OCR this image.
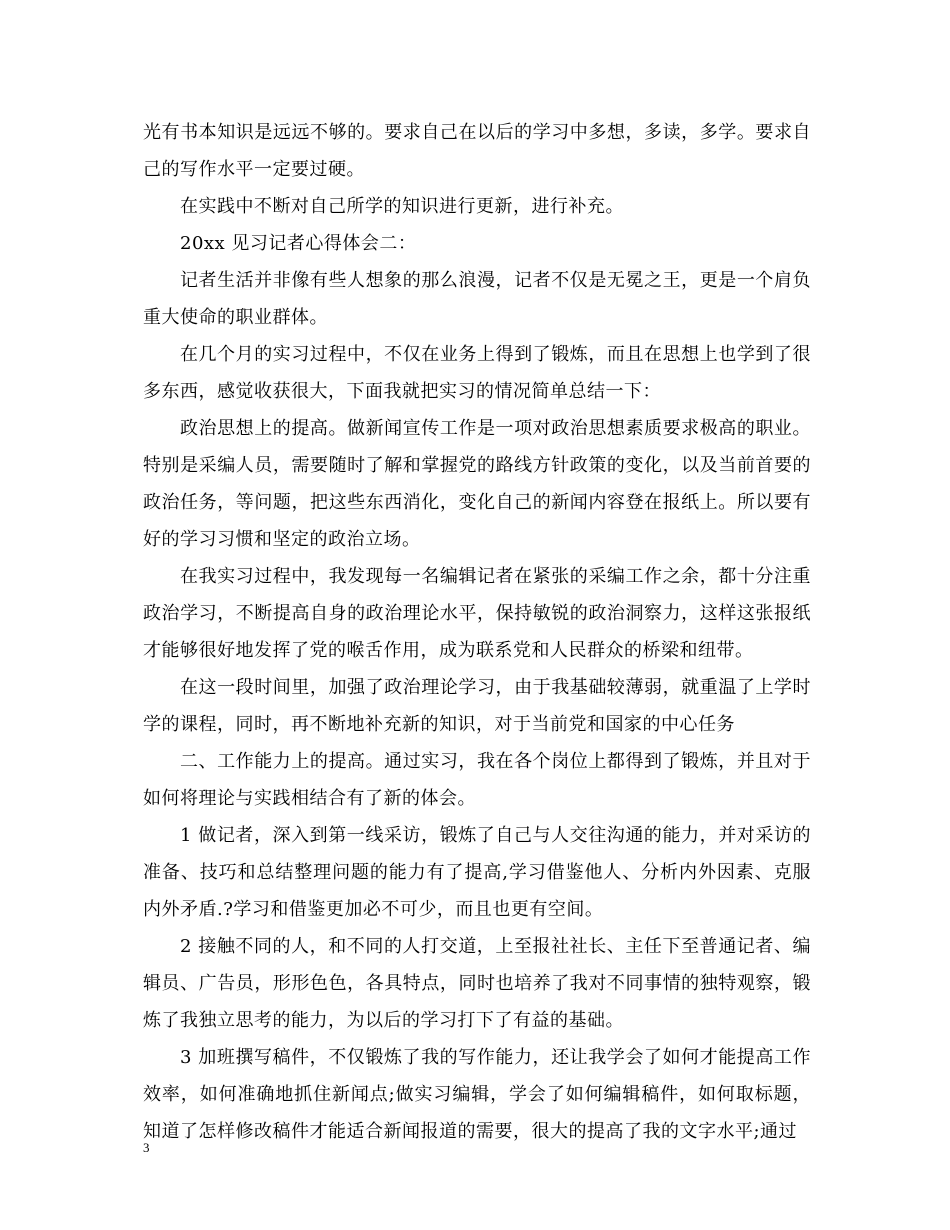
光有书本知识是远远不够的。要求自己在以后的学习中多想，多读，多学。要求自己的写作水平一定要过硬。

在实践中不断对自己所学的知识进行更新，进行补充。

20xx 见习记者心得体会二：

记者生活并非像有些人想象的那么浪漫，记者不仅是无冕之王，更是一个肩负重大使命的职业群体。

在几个月的实习过程中，不仅在业务上得到了锻炼，而且在思想上也学到了很多东西，感觉收获很大，下面我就把实习的情况简单总结一下：

政治思想上的提高。做新闻宣传工作是一项对政治思想素质要求极高的职业。特别是采编人员，需要随时了解和掌握党的路线方针政策的变化，以及当前首要的政治任务，等问题，把这些东西消化，变化自己的新闻内容登在报纸上。所以要有好的学习习惯和坚定的政治立场。

在我实习过程中，我发现每一名编辑记者在紧张的采编工作之余，都十分注重政治学习，不断提高自身的政治理论水平，保持敏锐的政治洞察力，这样这张报纸才能够很好地发挥了党的喉舌作用，成为联系党和人民群众的桥梁和纽带。

在这一段时间里，加强了政治理论学习，由于我基础较薄弱，就重温了上学时学的课程，同时，再不断地补充新的知识，对于当前党和国家的中心任务

二、工作能力上的提高。通过实习，我在各个岗位上都得到了锻炼，并且对于如何将理论与实践相结合有了新的体会。

1 做记者，深入到第一线采访，锻炼了自己与人交往沟通的能力，并对采访的准备、技巧和总结整理问题的能力有了提高,学习借鉴他人、分析内外因素、克服内外矛盾.?学习和借鉴更加必不可少，而且也更有空间。

2 接触不同的人，和不同的人打交道，上至报社社长、主任下至普通记者、编辑员、广告员，形形色色，各具特点，同时也培养了我对不同事情的独特观察，锻炼了我独立思考的能力，为以后的学习打下了有益的基础。

3 加班撰写稿件，不仅锻炼了我的写作能力，还让我学会了如何才能提高工作效率，如何准确地抓住新闻点;做实习编辑，学会了如何编辑稿件，如何取标题，知道了怎样修改稿件才能适合新闻报道的需要，很大的提高了我的文字水平;通过

3
